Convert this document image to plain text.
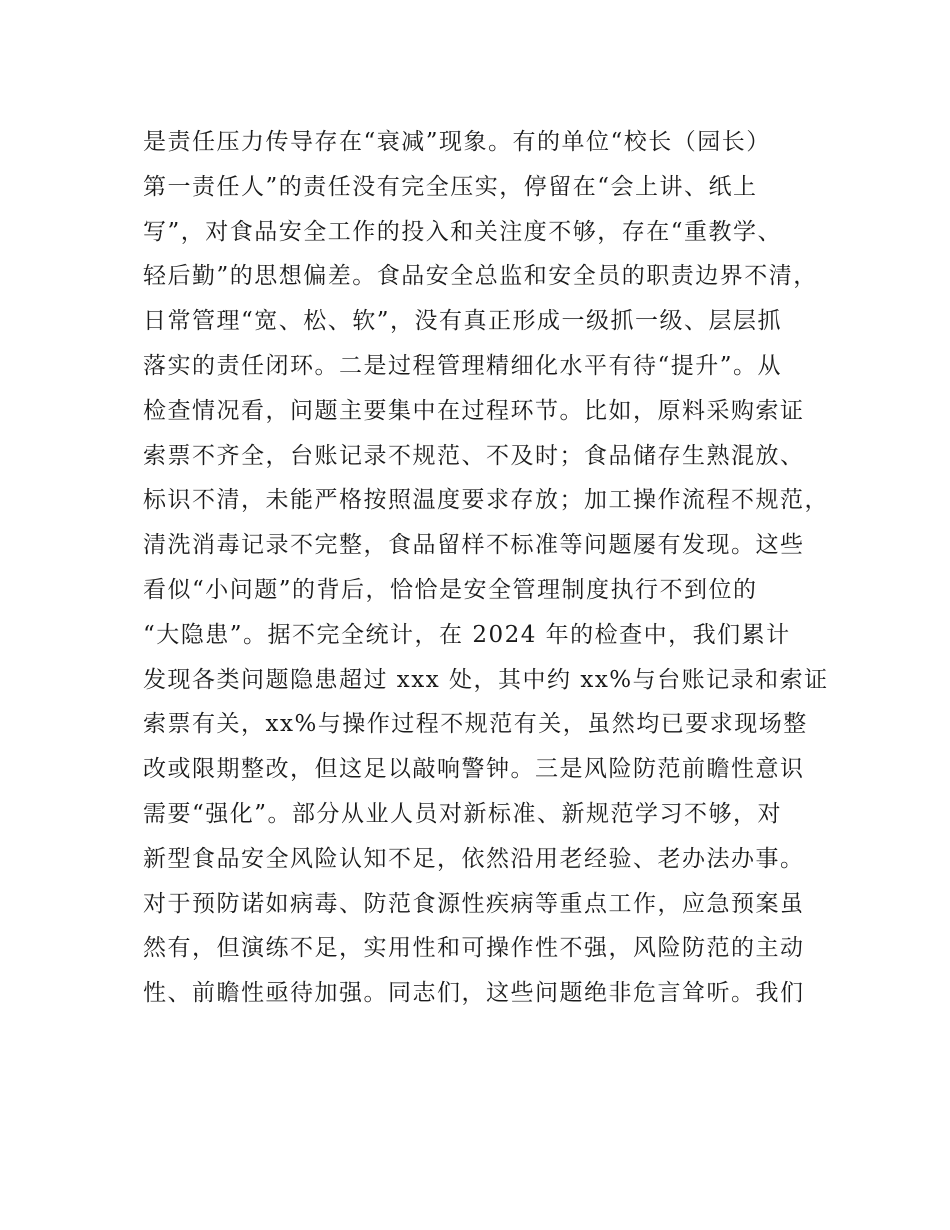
是责任压力传导存在“衰减”现象。有的单位“校长（园长）
第一责任人”的责任没有完全压实，停留在“会上讲、纸上
写”，对食品安全工作的投入和关注度不够，存在“重教学、
轻后勤”的思想偏差。食品安全总监和安全员的职责边界不清，
日常管理“宽、松、软”，没有真正形成一级抓一级、层层抓
落实的责任闭环。二是过程管理精细化水平有待“提升”。从
检查情况看，问题主要集中在过程环节。比如，原料采购索证
索票不齐全，台账记录不规范、不及时；食品储存生熟混放、
标识不清，未能严格按照温度要求存放；加工操作流程不规范，
清洗消毒记录不完整，食品留样不标准等问题屡有发现。这些
看似“小问题”的背后，恰恰是安全管理制度执行不到位的
“大隐患”。据不完全统计，在 2024 年的检查中，我们累计
发现各类问题隐患超过 xxx 处，其中约 xx%与台账记录和索证
索票有关，xx%与操作过程不规范有关，虽然均已要求现场整
改或限期整改，但这足以敲响警钟。三是风险防范前瞻性意识
需要“强化”。部分从业人员对新标准、新规范学习不够，对
新型食品安全风险认知不足，依然沿用老经验、老办法办事。
对于预防诺如病毒、防范食源性疾病等重点工作，应急预案虽
然有，但演练不足，实用性和可操作性不强，风险防范的主动
性、前瞻性亟待加强。同志们，这些问题绝非危言耸听。我们
